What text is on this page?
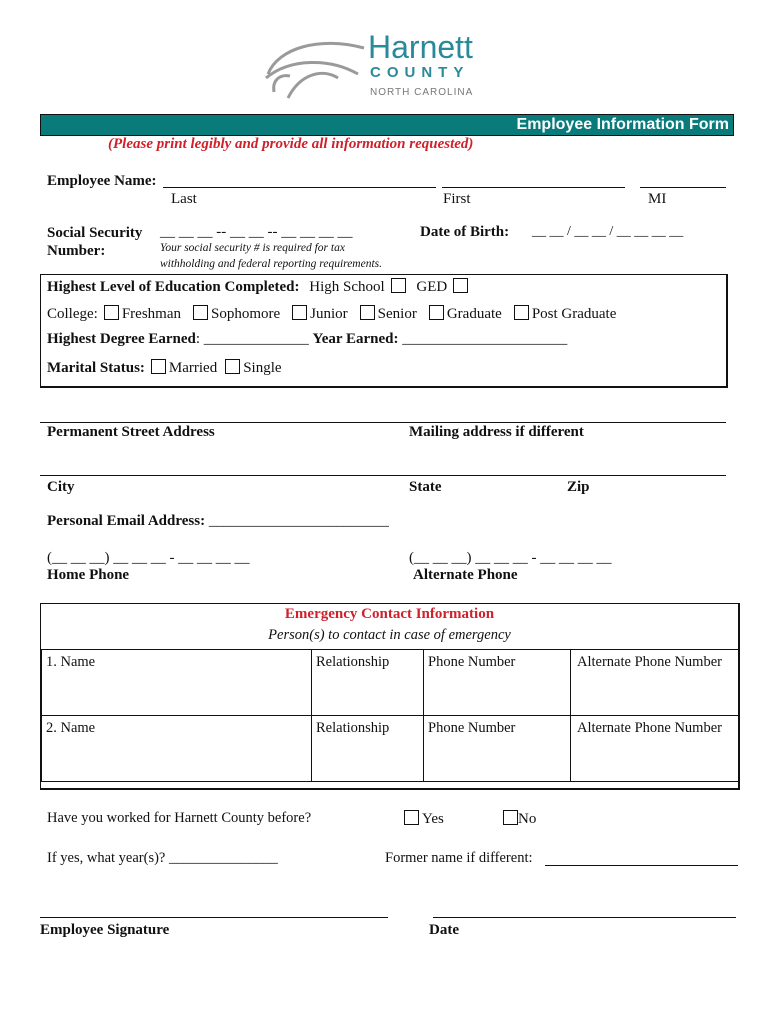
Harnett
COUNTY
NORTH CAROLINA
Employee Information Form
(Please print legibly and provide all information requested)
Employee Name:
Last	First	MI
Social Security
Number:
__ __ __ -- __ __ -- __ __ __ __
Your social security # is required for tax
withholding and federal reporting requirements.
Date of Birth: __ __ / __ __ / __ __ __ __
Highest Level of Education Completed: High School GED
College: Freshman Sophomore Junior Senior Graduate Post Graduate
Highest Degree Earned: ______________ Year Earned: ______________________
Marital Status: Married Single
Permanent Street Address	Mailing address if different
City	State	Zip
Personal Email Address: ________________________
(__ __ __) __ __ __ - __ __ __ __
Home Phone
(__ __ __) __ __ __ - __ __ __ __
Alternate Phone
Emergency Contact Information
Person(s) to contact in case of emergency
1. Name	Relationship	Phone Number	Alternate Phone Number
2. Name	Relationship	Phone Number	Alternate Phone Number
Have you worked for Harnett County before?	Yes	No
If yes, what year(s)? _______________	Former name if different:
Employee Signature	Date
